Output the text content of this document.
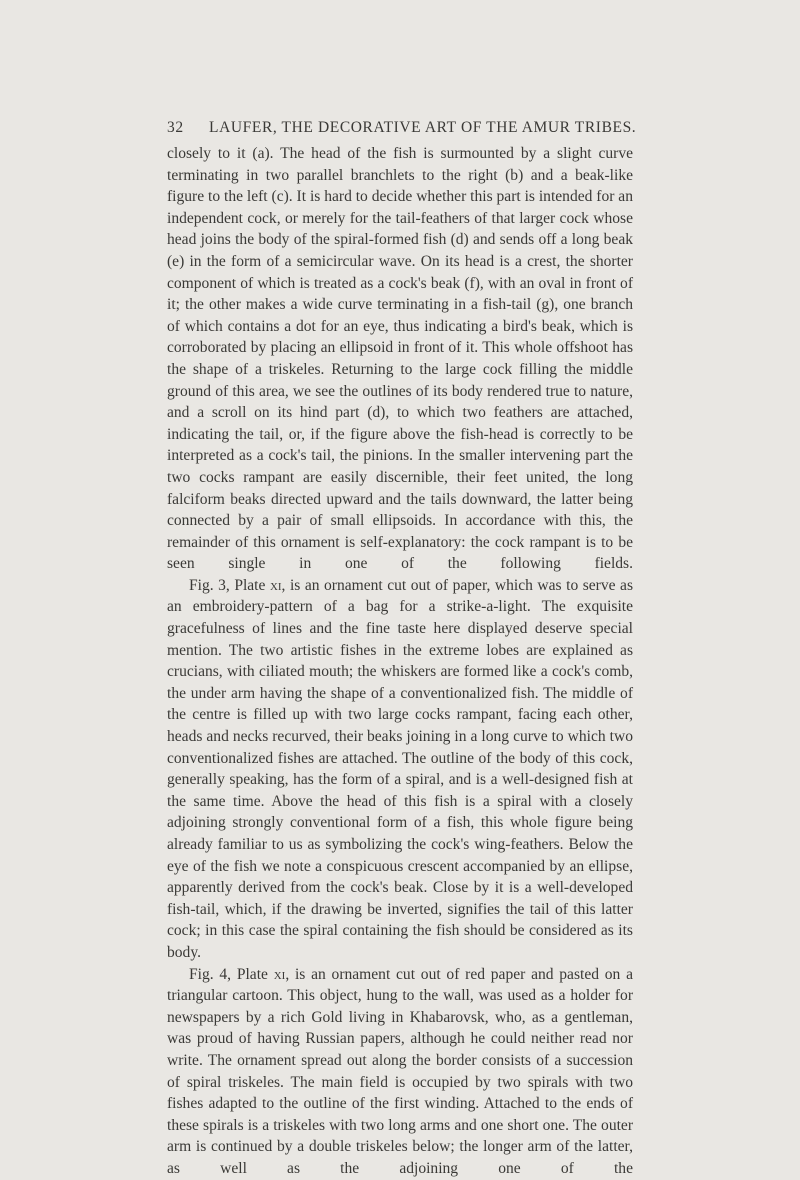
32 LAUFER, THE DECORATIVE ART OF THE AMUR TRIBES.

closely to it (a). The head of the fish is surmounted by a slight curve terminating in two parallel branchlets to the right (b) and a beak-like figure to the left (c). It is hard to decide whether this part is intended for an independent cock, or merely for the tail-feathers of that larger cock whose head joins the body of the spiral-formed fish (d) and sends off a long beak (e) in the form of a semicircular wave. On its head is a crest, the shorter component of which is treated as a cock's beak (f), with an oval in front of it; the other makes a wide curve terminating in a fish-tail (g), one branch of which contains a dot for an eye, thus indicating a bird's beak, which is corroborated by placing an ellipsoid in front of it. This whole offshoot has the shape of a triskeles. Returning to the large cock filling the middle ground of this area, we see the outlines of its body rendered true to nature, and a scroll on its hind part (d), to which two feathers are attached, indicating the tail, or, if the figure above the fish-head is correctly to be interpreted as a cock's tail, the pinions. In the smaller intervening part the two cocks rampant are easily discernible, their feet united, the long falciform beaks directed upward and the tails downward, the latter being connected by a pair of small ellipsoids. In accordance with this, the remainder of this ornament is self-explanatory: the cock rampant is to be seen single in one of the following fields.

Fig. 3, Plate xi, is an ornament cut out of paper, which was to serve as an embroidery-pattern of a bag for a strike-a-light. The exquisite gracefulness of lines and the fine taste here displayed deserve special mention. The two artistic fishes in the extreme lobes are explained as crucians, with ciliated mouth; the whiskers are formed like a cock's comb, the under arm having the shape of a conventionalized fish. The middle of the centre is filled up with two large cocks rampant, facing each other, heads and necks recurved, their beaks joining in a long curve to which two conventionalized fishes are attached. The outline of the body of this cock, generally speaking, has the form of a spiral, and is a well-designed fish at the same time. Above the head of this fish is a spiral with a closely adjoining strongly conventional form of a fish, this whole figure being already familiar to us as symbolizing the cock's wing-feathers. Below the eye of the fish we note a conspicuous crescent accompanied by an ellipse, apparently derived from the cock's beak. Close by it is a well-developed fish-tail, which, if the drawing be inverted, signifies the tail of this latter cock; in this case the spiral containing the fish should be considered as its body.

Fig. 4, Plate xi, is an ornament cut out of red paper and pasted on a triangular cartoon. This object, hung to the wall, was used as a holder for newspapers by a rich Gold living in Khabarovsk, who, as a gentleman, was proud of having Russian papers, although he could neither read nor write. The ornament spread out along the border consists of a succession of spiral triskeles. The main field is occupied by two spirals with two fishes adapted to the outline of the first winding. Attached to the ends of these spirals is a triskeles with two long arms and one short one. The outer arm is continued by a double triskeles below; the longer arm of the latter, as well as the adjoining one of the
